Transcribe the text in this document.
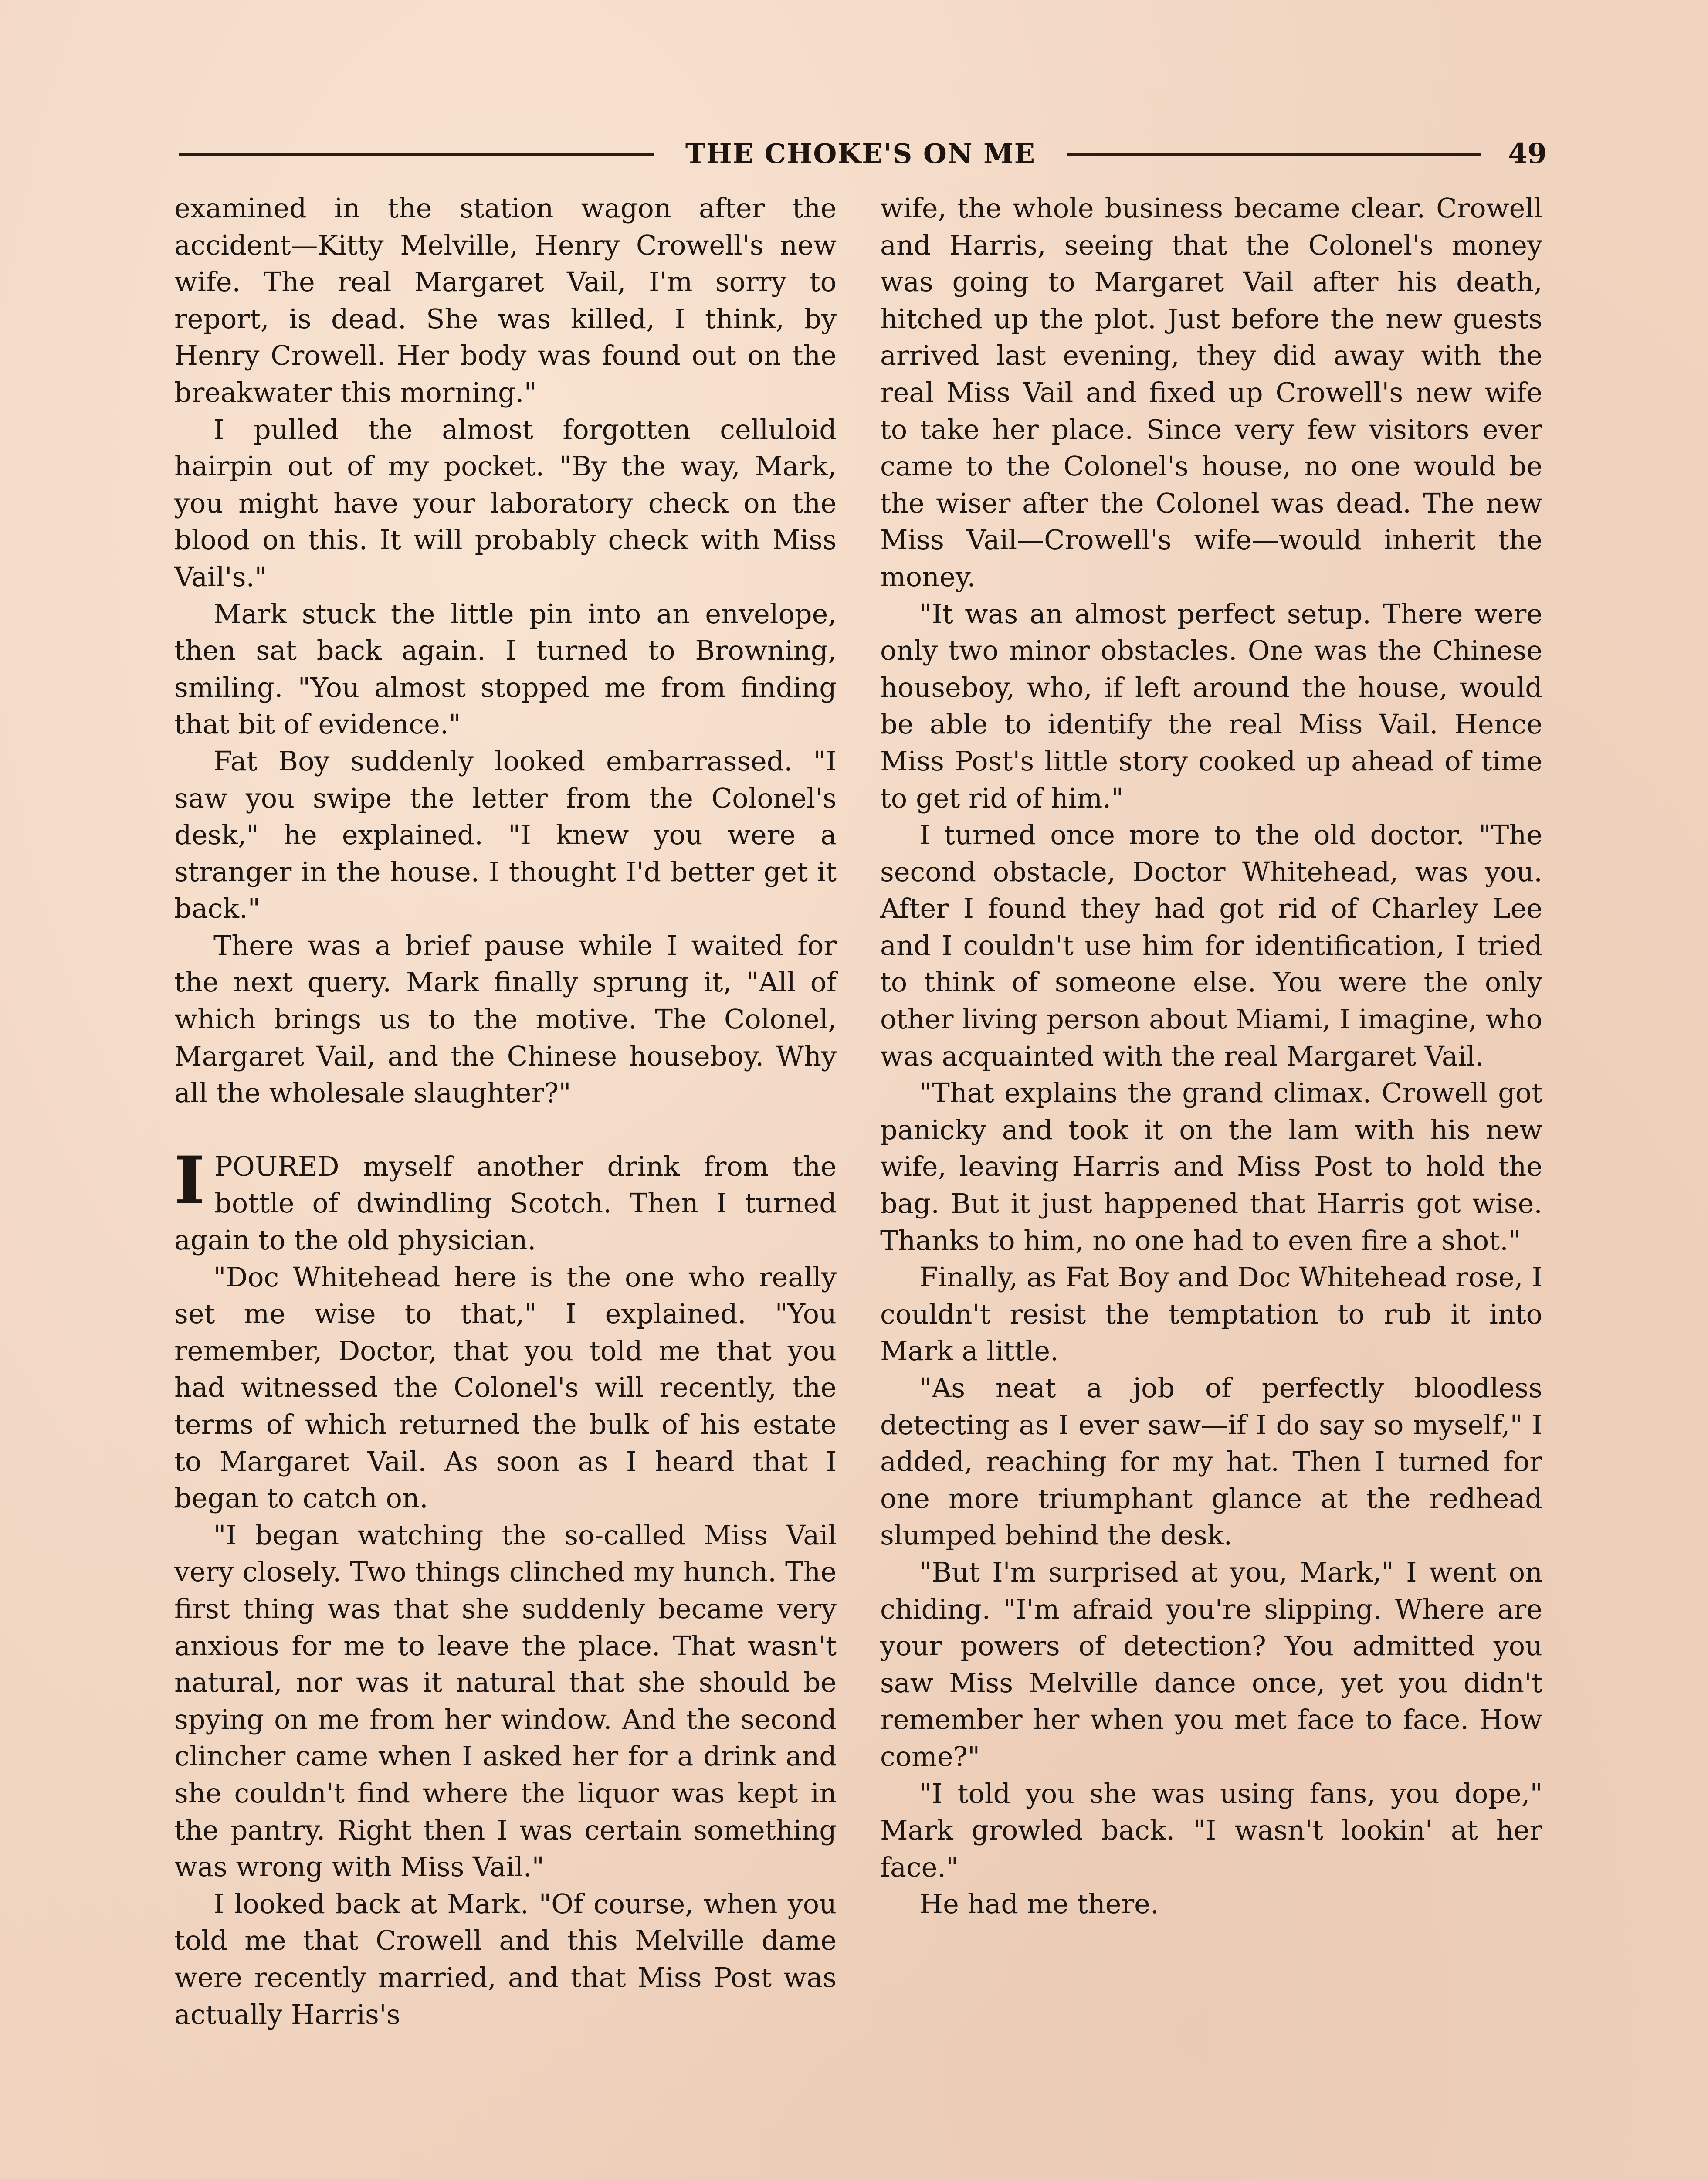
THE CHOKE'S ON ME	49

examined in the station wagon after the accident—Kitty Melville, Henry Crowell's new wife. The real Margaret Vail, I'm sorry to report, is dead. She was killed, I think, by Henry Crowell. Her body was found out on the breakwater this morning."

I pulled the almost forgotten celluloid hairpin out of my pocket. "By the way, Mark, you might have your laboratory check on the blood on this. It will probably check with Miss Vail's."

Mark stuck the little pin into an envelope, then sat back again. I turned to Browning, smiling. "You almost stopped me from finding that bit of evidence."

Fat Boy suddenly looked embarrassed. "I saw you swipe the letter from the Colonel's desk," he explained. "I knew you were a stranger in the house. I thought I'd better get it back."

There was a brief pause while I waited for the next query. Mark finally sprung it, "All of which brings us to the motive. The Colonel, Margaret Vail, and the Chinese houseboy. Why all the wholesale slaughter?"

IPOURED myself another drink from the bottle of dwindling Scotch. Then I turned again to the old physician.

"Doc Whitehead here is the one who really set me wise to that," I explained. "You remember, Doctor, that you told me that you had witnessed the Colonel's will recently, the terms of which returned the bulk of his estate to Margaret Vail. As soon as I heard that I began to catch on.

"I began watching the so-called Miss Vail very closely. Two things clinched my hunch. The first thing was that she suddenly became very anxious for me to leave the place. That wasn't natural, nor was it natural that she should be spying on me from her window. And the second clincher came when I asked her for a drink and she couldn't find where the liquor was kept in the pantry. Right then I was certain something was wrong with Miss Vail."

I looked back at Mark. "Of course, when you told me that Crowell and this Melville dame were recently married, and that Miss Post was actually Harris's

wife, the whole business became clear. Crowell and Harris, seeing that the Colonel's money was going to Margaret Vail after his death, hitched up the plot. Just before the new guests arrived last evening, they did away with the real Miss Vail and fixed up Crowell's new wife to take her place. Since very few visitors ever came to the Colonel's house, no one would be the wiser after the Colonel was dead. The new Miss Vail—Crowell's wife—would inherit the money.

"It was an almost perfect setup. There were only two minor obstacles. One was the Chinese houseboy, who, if left around the house, would be able to identify the real Miss Vail. Hence Miss Post's little story cooked up ahead of time to get rid of him."

I turned once more to the old doctor. "The second obstacle, Doctor Whitehead, was you. After I found they had got rid of Charley Lee and I couldn't use him for identification, I tried to think of someone else. You were the only other living person about Miami, I imagine, who was acquainted with the real Margaret Vail.

"That explains the grand climax. Crowell got panicky and took it on the lam with his new wife, leaving Harris and Miss Post to hold the bag. But it just happened that Harris got wise. Thanks to him, no one had to even fire a shot."

Finally, as Fat Boy and Doc Whitehead rose, I couldn't resist the temptation to rub it into Mark a little.

"As neat a job of perfectly bloodless detecting as I ever saw—if I do say so myself," I added, reaching for my hat. Then I turned for one more triumphant glance at the redhead slumped behind the desk.

"But I'm surprised at you, Mark," I went on chiding. "I'm afraid you're slipping. Where are your powers of detection? You admitted you saw Miss Melville dance once, yet you didn't remember her when you met face to face. How come?"

"I told you she was using fans, you dope," Mark growled back. "I wasn't lookin' at her face."

He had me there.
